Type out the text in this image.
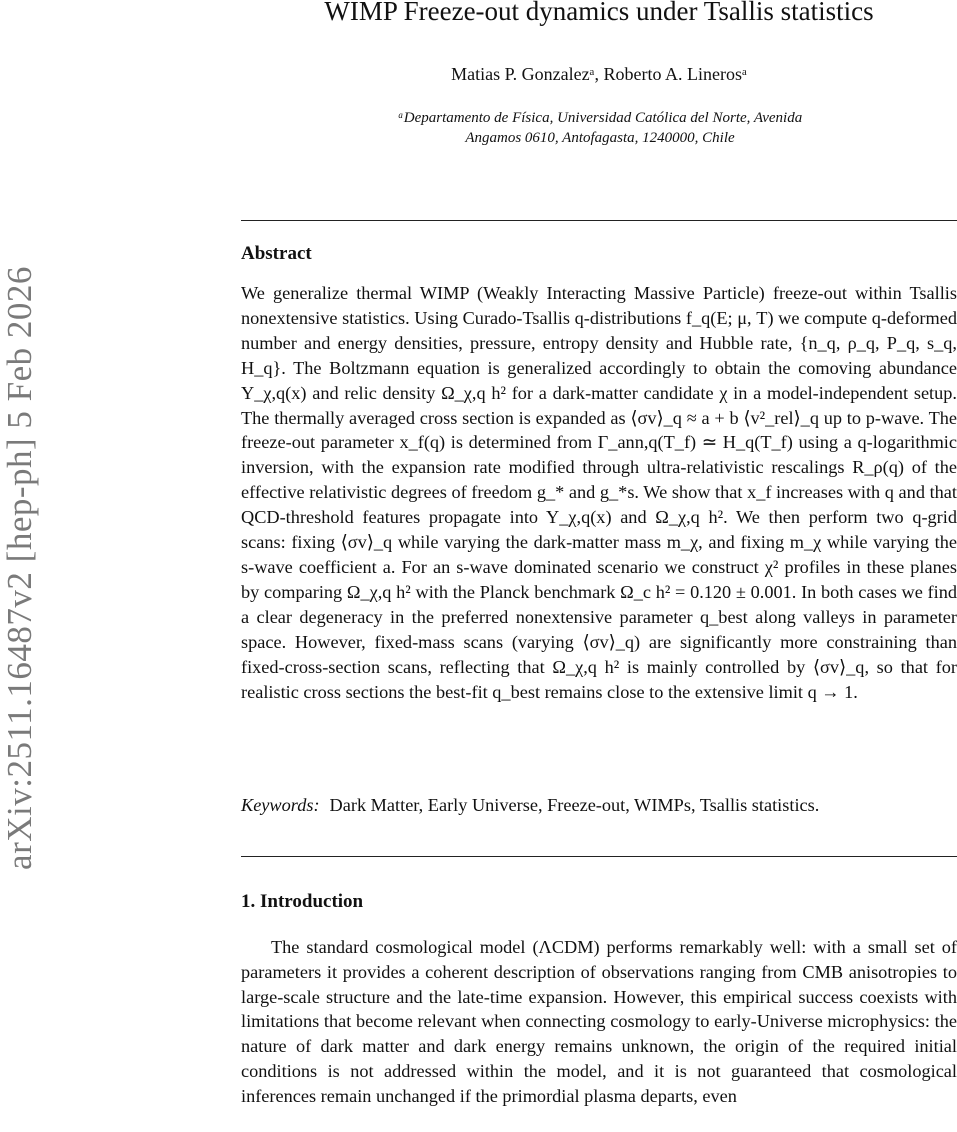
arXiv:2511.16487v2 [hep-ph] 5 Feb 2026
WIMP Freeze-out dynamics under Tsallis statistics
Matias P. Gonzalezᵃ, Roberto A. Linerosᵃ
ᵃDepartamento de Física, Universidad Católica del Norte, Avenida
Angamos 0610, Antofagasta, 1240000, Chile
Abstract

We generalize thermal WIMP (Weakly Interacting Massive Particle) freeze-out within Tsallis nonextensive statistics. Using Curado-Tsallis q-distributions f_q(E; μ, T) we compute q-deformed number and energy densities, pressure, entropy density and Hubble rate, {n_q, ρ_q, P_q, s_q, H_q}. The Boltzmann equation is generalized accordingly to obtain the comoving abundance Y_χ,q(x) and relic density Ω_χ,q h² for a dark-matter candidate χ in a model-independent setup. The thermally averaged cross section is expanded as ⟨σv⟩_q ≈ a + b ⟨v²_rel⟩_q up to p-wave. The freeze-out parameter x_f(q) is determined from Γ_ann,q(T_f) ≃ H_q(T_f) using a q-logarithmic inversion, with the expansion rate modified through ultra-relativistic rescalings R_ρ(q) of the effective relativistic degrees of freedom g_* and g_*s. We show that x_f increases with q and that QCD-threshold features propagate into Y_χ,q(x) and Ω_χ,q h². We then perform two q-grid scans: fixing ⟨σv⟩_q while varying the dark-matter mass m_χ, and fixing m_χ while varying the s-wave coefficient a. For an s-wave dominated scenario we construct χ² profiles in these planes by comparing Ω_χ,q h² with the Planck benchmark Ω_c h² = 0.120 ± 0.001. In both cases we find a clear degeneracy in the preferred nonextensive parameter q_best along valleys in parameter space. However, fixed-mass scans (varying ⟨σv⟩_q) are significantly more constraining than fixed-cross-section scans, reflecting that Ω_χ,q h² is mainly controlled by ⟨σv⟩_q, so that for realistic cross sections the best-fit q_best remains close to the extensive limit q → 1.

Keywords: Dark Matter, Early Universe, Freeze-out, WIMPs, Tsallis statistics.
1. Introduction

The standard cosmological model (ΛCDM) performs remarkably well: with a small set of parameters it provides a coherent description of observations ranging from CMB anisotropies to large-scale structure and the late-time expansion. However, this empirical success coexists with limitations that become relevant when connecting cosmology to early-Universe microphysics: the nature of dark matter and dark energy remains unknown, the origin of the required initial conditions is not addressed within the model, and it is not guaranteed that cosmological inferences remain unchanged if the primordial plasma departs, even
